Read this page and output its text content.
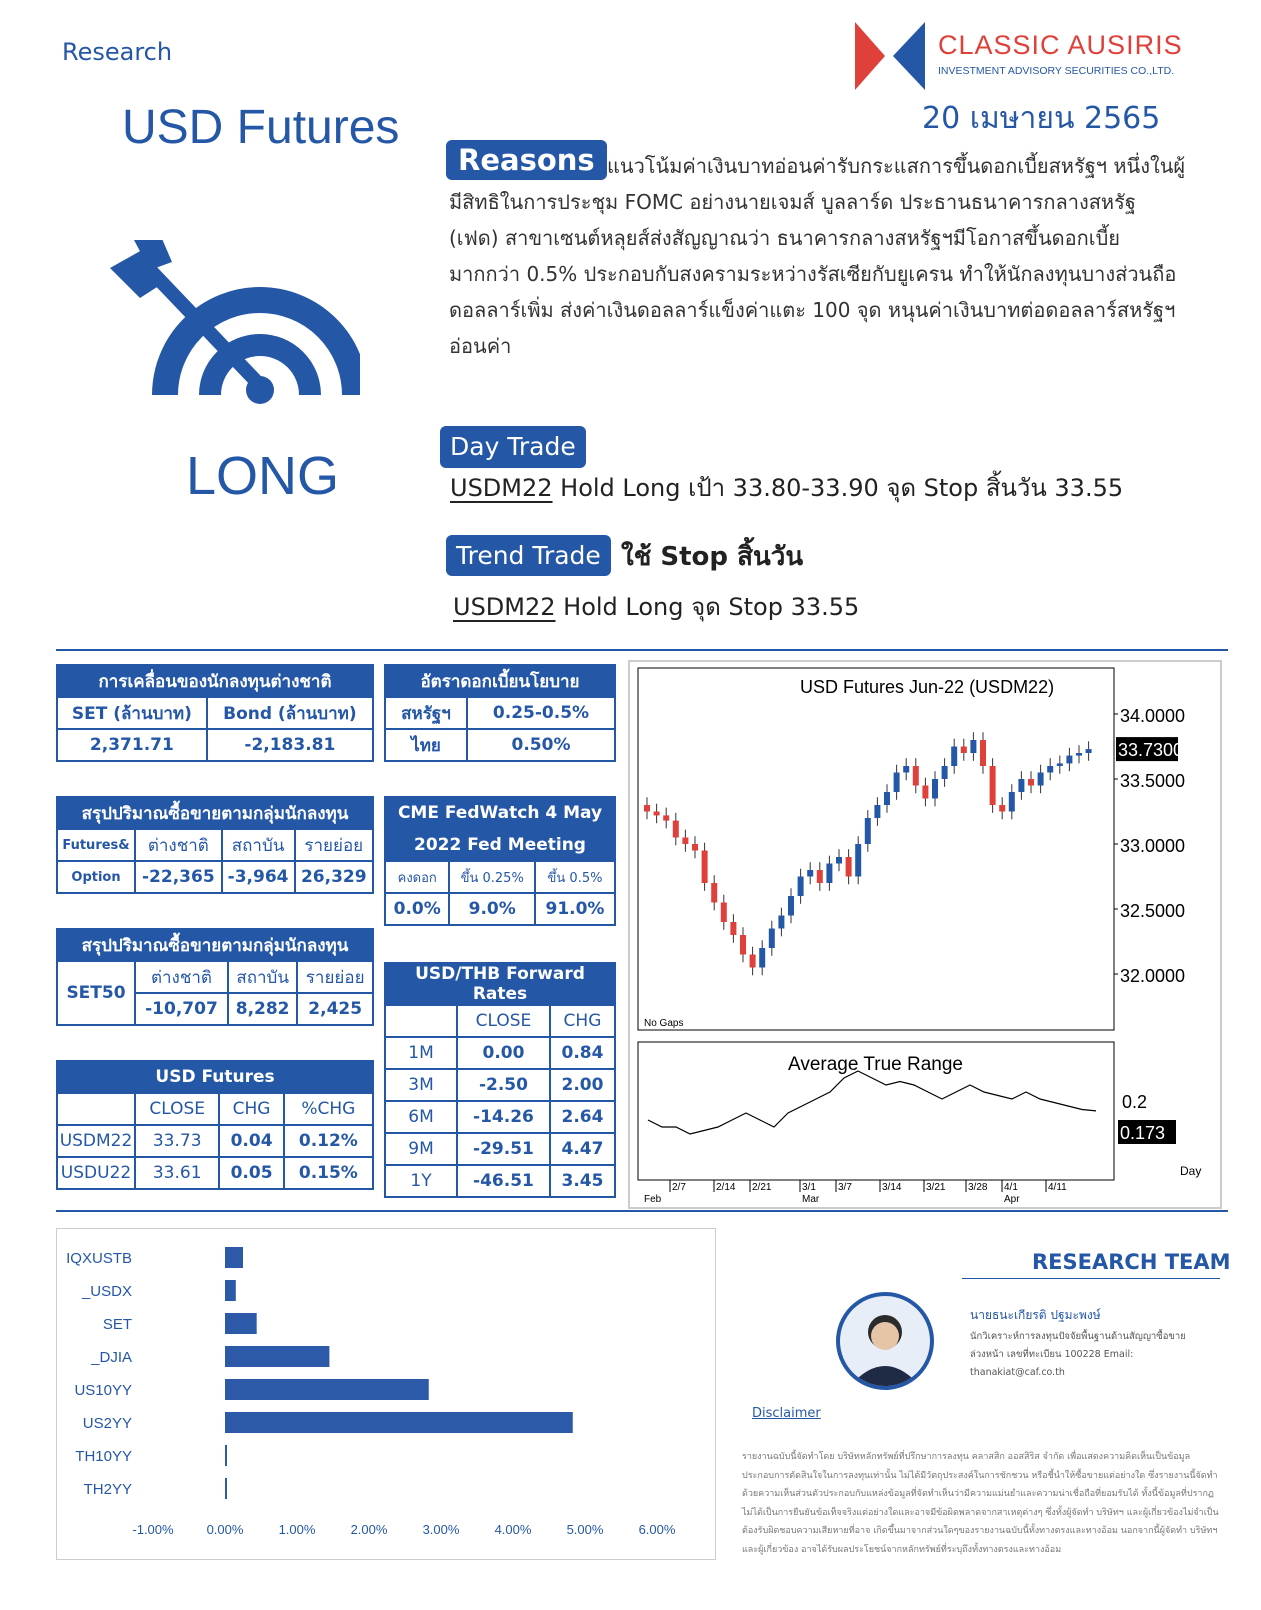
Research	CLASSIC AUSIRIS
INVESTMENT ADVISORY SECURITIES CO.,LTD.
20 เมษายน 2565
USD Futures
LONG
แนวโน้มค่าเงินบาทอ่อนค่ารับกระแสการขึ้นดอกเบี้ยสหรัฐฯ หนึ่งในผู้มีสิทธิในการประชุม FOMC อย่างนายเจมส์ บูลลาร์ด ประธานธนาคารกลางสหรัฐ (เฟด) สาขาเซนต์หลุยส์ส่งสัญญาณว่า ธนาคารกลางสหรัฐฯมีโอกาสขึ้นดอกเบี้ย มากกว่า 0.5% ประกอบกับสงครามระหว่างรัสเซียกับยูเครน ทำให้นักลงทุนบางส่วนถือดอลลาร์เพิ่ม ส่งค่าเงินดอลลาร์แข็งค่าแตะ 100 จุด หนุนค่าเงินบาทต่อดอลลาร์สหรัฐฯอ่อนค่า
Reasons
Day Trade
USDM22 Hold Long เป้า 33.80-33.90 จุด Stop สิ้นวัน 33.55
Trend Trade ใช้ Stop สิ้นวัน
USDM22 Hold Long จุด Stop 33.55
การเคลื่อนของนักลงทุนต่างชาติ	
SET (ล้านบาท)	Bond (ล้านบาท)
2,371.71	-2,183.81
อัตราดอกเบี้ยนโยบาย	
สหรัฐฯ	0.25-0.5%
ไทย	0.50%
สรุปปริมาณซื้อขายตามกลุ่มนักลงทุน			
Futures&	ต่างชาติ	สถาบัน	รายย่อย
Option	-22,365	-3,964	26,329
CME FedWatch 4 May		
2022 Fed Meeting		
คงดอก	ขึ้น 0.25%	ขึ้น 0.5%
0.0%	9.0%	91.0%
สรุปปริมาณซื้อขายตามกลุ่มนักลงทุน			
SET50	ต่างชาติ	สถาบัน	รายย่อย
	-10,707	8,282	2,425
USD/THB Forward Rates		
	CLOSE	CHG
1M	0.00	0.84
3M	-2.50	2.00
6M	-14.26	2.64
9M	-29.51	4.47
1Y	-46.51	3.45
USD Futures			
	CLOSE	CHG	%CHG
USDM22	33.73	0.04	0.12%
USDU22	33.61	0.05	0.15%
USD Futures Jun-22 (USDM22)
No Gaps
Average True Range
0.2
0.173
Day
34.0000
33.5000
33.0000
32.5000
32.0000
33.7300
2/7	2/14 2/21	3/1 3/7	3/14 3/21 3/28 4/1	4/11
Feb	Mar	Apr
IQXUSTB
_USDX
SET
_DJIA
US10YY
US2YY
TH10YY
TH2YY
-1.00%	0.00%	1.00%	2.00%	3.00%	4.00%	5.00%	6.00%
RESEARCH TEAM
นายธนะเกียรติ ปฐมะพงษ์
นักวิเคราะห์การลงทุนปัจจัยพื้นฐานด้านสัญญาซื้อขายล่วงหน้า เลขที่ทะเบียน 100228 Email: thanakiat@caf.co.th
Disclaimer
รายงานฉบับนี้จัดทำโดย บริษัทหลักทรัพย์ที่ปรึกษาการลงทุน คลาสสิก ออสสิริส จำกัด เพื่อแสดงความคิดเห็นเป็นข้อมูลประกอบการตัดสินใจในการลงทุนเท่านั้น ไม่ได้มีวัตถุประสงค์ในการชักชวน หรือชี้นำให้ซื้อขายแต่อย่างใด ซึ่งรายงานนี้จัดทำด้วยความเห็นส่วนตัวประกอบกับแหล่งข้อมูลที่จัดทำเห็นว่ามีความแม่นยำและความน่าเชื่อถือที่ยอมรับได้ ทั้งนี้ข้อมูลที่ปรากฏไม่ได้เป็นการยืนยันข้อเท็จจริงแต่อย่างใดและอาจมีข้อผิดพลาดจากสาเหตุต่างๆ ซึ่งทั้งผู้จัดทำ บริษัทฯ และผู้เกี่ยวข้องไม่จำเป็นต้องรับผิดชอบความเสียหายที่อาจ เกิดขึ้นมาจากส่วนใดๆของรายงานฉบับนี้ทั้งทางตรงและทางอ้อม นอกจากนี้ผู้จัดทำ บริษัทฯ และผู้เกี่ยวข้อง อาจได้รับผลประโยชน์จากหลักทรัพย์ที่ระบุถึงทั้งทางตรงและทางอ้อม
